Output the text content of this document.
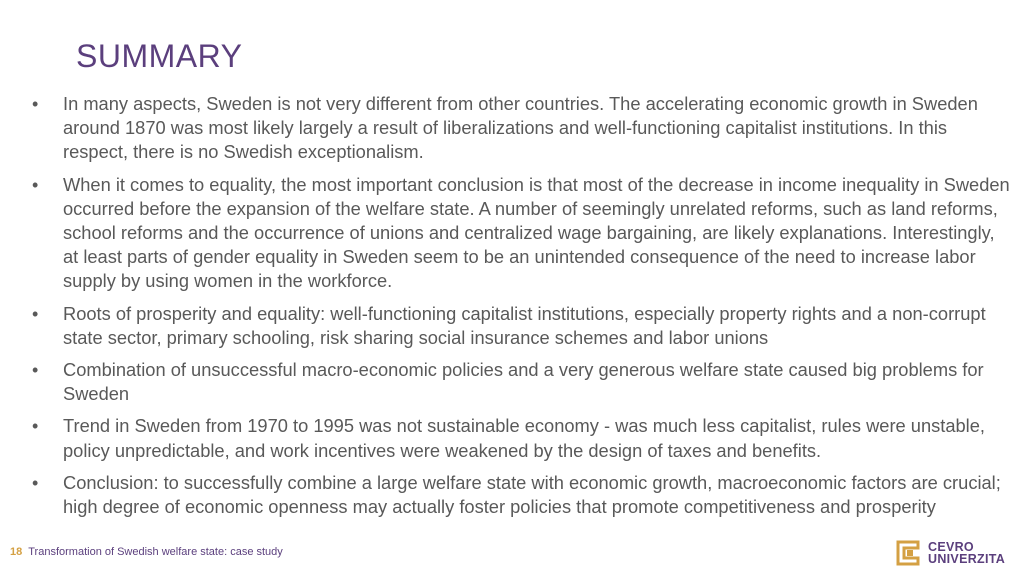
SUMMARY
• In many aspects, Sweden is not very different from other countries. The accelerating economic growth in Sweden around 1870 was most likely largely a result of liberalizations and well-functioning capitalist institutions. In this respect, there is no Swedish exceptionalism.
• When it comes to equality, the most important conclusion is that most of the decrease in income inequality in Sweden occurred before the expansion of the welfare state. A number of seemingly unrelated reforms, such as land reforms, school reforms and the occurrence of unions and centralized wage bargaining, are likely explanations. Interestingly, at least parts of gender equality in Sweden seem to be an unintended consequence of the need to increase labor supply by using women in the workforce.
• Roots of prosperity and equality: well-functioning capitalist institutions, especially property rights and a non-corrupt state sector, primary schooling, risk sharing social insurance schemes and labor unions
• Combination of unsuccessful macro-economic policies and a very generous welfare state caused big problems for Sweden
• Trend in Sweden from 1970 to 1995 was not sustainable economy - was much less capitalist, rules were unstable, policy unpredictable, and work incentives were weakened by the design of taxes and benefits.
• Conclusion: to successfully combine a large welfare state with economic growth, macroeconomic factors are crucial; high degree of economic openness may actually foster policies that promote competitiveness and prosperity
18 Transformation of Swedish welfare state: case study	CEVRO
UNIVERZITA
